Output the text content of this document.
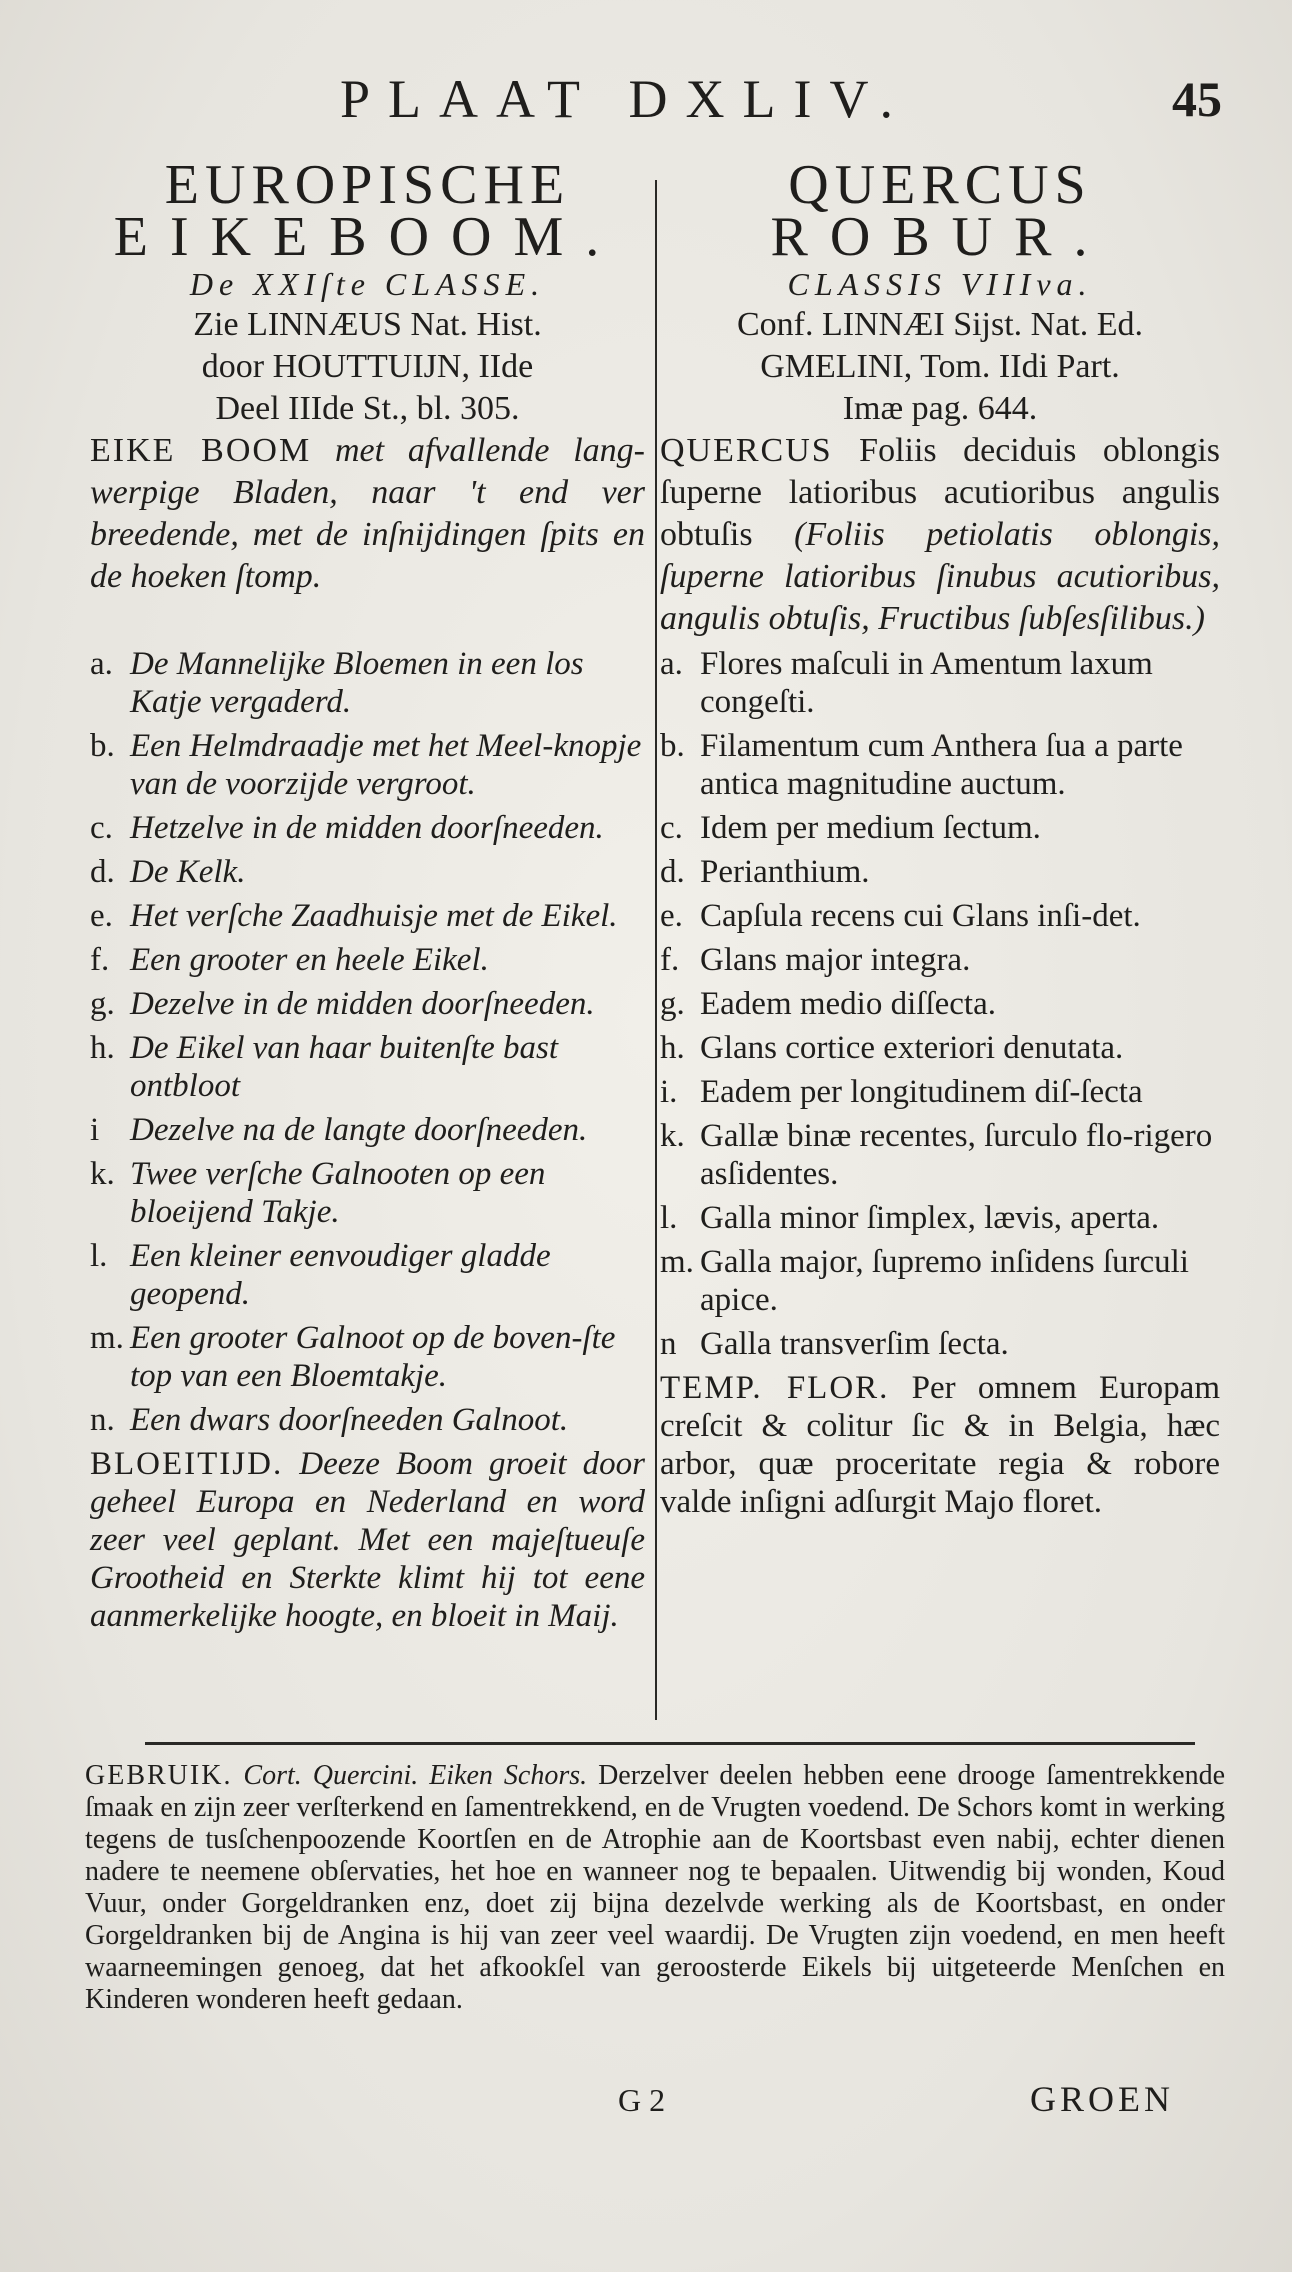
PLAAT DXLIV.	45
EUROPISCHE
EIKEBOOM.
De XXIſte CLASSE.
Zie LINNÆUS Nat. Hist.
door HOUTTUIJN, IIde
Deel IIIde St., bl. 305.
EIKE BOOM met afvallende lang-werpige Bladen, naar 't end ver breedende, met de inſnijdingen ſpits en de hoeken ſtomp.
QUERCUS
ROBUR.
CLASSIS VIIIva.
Conf. LINNÆI Sijst. Nat. Ed.
GMELINI, Tom. IIdi Part.
Imæ pag. 644.
QUERCUS Foliis deciduis oblongis ſuperne latioribus acutioribus angulis obtuſis (Foliis petiolatis oblongis, ſuperne latioribus ſinubus acutioribus, angulis obtuſis, Fructibus ſubſesſilibus.)
a. De Mannelijke Bloemen in een los Katje vergaderd.
b. Een Helmdraadje met het Meel-knopje van de voorzijde vergroot.
c. Hetzelve in de midden doorſneeden.
d. De Kelk.
e. Het verſche Zaadhuisje met de Eikel.
f. Een grooter en heele Eikel.
g. Dezelve in de midden doorſneeden.
h. De Eikel van haar buitenſte bast ontbloot
i Dezelve na de langte doorſneeden.
k. Twee verſche Galnooten op een bloeijend Takje.
l. Een kleiner eenvoudiger gladde geopend.
m. Een grooter Galnoot op de boven-ſte top van een Bloemtakje.
n. Een dwars doorſneeden Galnoot.
BLOEITIJD. Deeze Boom groeit door geheel Europa en Nederland en word zeer veel geplant. Met een majeſtueuſe Grootheid en Sterkte klimt hij tot eene aanmerkelijke hoogte, en bloeit in Maij.
a. Flores maſculi in Amentum laxum congeſti.
b. Filamentum cum Anthera ſua a parte antica magnitudine auctum.
c. Idem per medium ſectum.
d. Perianthium.
e. Capſula recens cui Glans inſi-det.
f. Glans major integra.
g. Eadem medio diſſecta.
h. Glans cortice exteriori denutata.
i. Eadem per longitudinem diſ-ſecta
k. Gallæ binæ recentes, ſurculo flo-rigero asſidentes.
l. Galla minor ſimplex, lævis, aperta.
m. Galla major, ſupremo inſidens ſurculi apice.
n Galla transverſim ſecta.
TEMP. FLOR. Per omnem Europam creſcit & colitur ſic & in Belgia, hæc arbor, quæ proceritate regia & robore valde inſigni adſurgit Majo floret.
GEBRUIK. Cort. Quercini. Eiken Schors. Derzelver deelen hebben eene drooge ſamentrekkende ſmaak en zijn zeer verſterkend en ſamentrekkend, en de Vrugten voedend. De Schors komt in werking tegens de tusſchenpoozende Koortſen en de Atrophie aan de Koortsbast even nabij, echter dienen nadere te neemene obſervaties, het hoe en wanneer nog te bepaalen. Uitwendig bij wonden, Koud Vuur, onder Gorgeldranken enz, doet zij bijna dezelvde werking als de Koortsbast, en onder Gorgeldranken bij de Angina is hij van zeer veel waardij. De Vrugten zijn voedend, en men heeft waarneemingen genoeg, dat het afkookſel van geroosterde Eikels bij uitgeteerde Menſchen en Kinderen wonderen heeft gedaan.
G 2	GROEN
